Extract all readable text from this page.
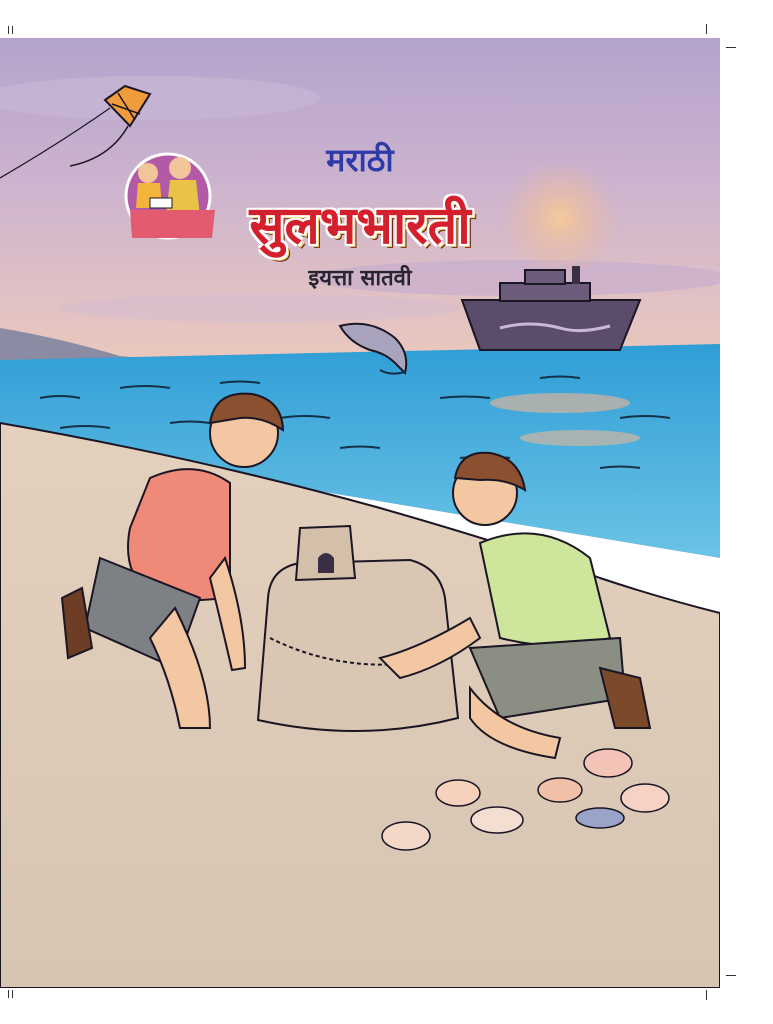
मराठी
सुलभभारती
इयत्ता सातवी
